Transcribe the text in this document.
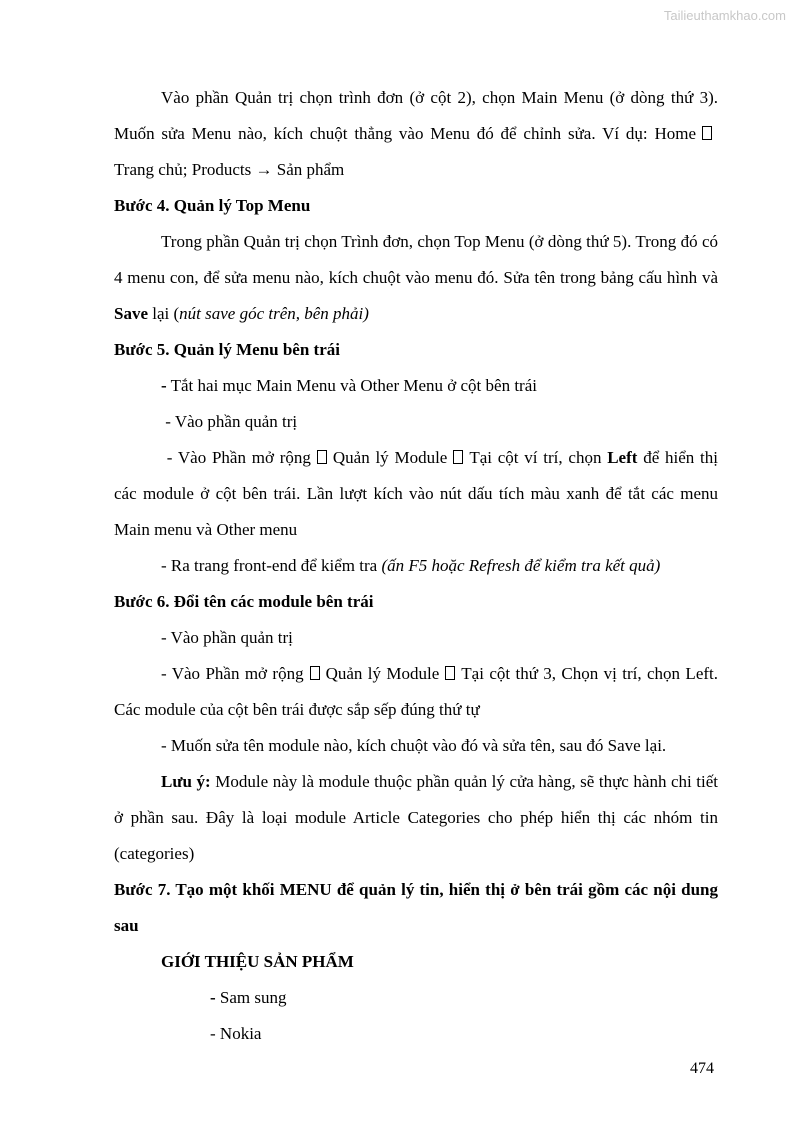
Tailieuthamkhao.com

Vào phần Quản trị chọn trình đơn (ở cột 2), chọn Main Menu (ở dòng thứ 3). Muốn sửa Menu nào, kích chuột thẳng vào Menu đó để chỉnh sửa. Ví dụ: HomeTrang chủ; Products → Sản phẩm

Bước 4. Quản lý Top Menu

Trong phần Quản trị chọn Trình đơn, chọn Top Menu (ở dòng thứ 5). Trong đó có 4 menu con, để sửa menu nào, kích chuột vào menu đó. Sửa tên trong bảng cấu hình và Save lại (nút save góc trên, bên phải)

Bước 5. Quản lý Menu bên trái

- Tắt hai mục Main Menu và Other Menu ở cột bên trái

- Vào phần quản trị

- Vào Phần mở rộng Quản lý Module Tại cột ví trí, chọn Left để hiển thị các module ở cột bên trái. Lần lượt kích vào nút dấu tích màu xanh để tắt các menu Main menu và Other menu

- Ra trang front-end để kiểm tra (ấn F5 hoặc Refresh để kiểm tra kết quả)

Bước 6. Đổi tên các module bên trái

- Vào phần quản trị

- Vào Phần mở rộng Quản lý Module Tại cột thứ 3, Chọn vị trí, chọn Left. Các module của cột bên trái được sắp sếp đúng thứ tự

- Muốn sửa tên module nào, kích chuột vào đó và sửa tên, sau đó Save lại.

Lưu ý: Module này là module thuộc phần quản lý cửa hàng, sẽ thực hành chi tiết ở phần sau. Đây là loại module Article Categories cho phép hiển thị các nhóm tin (categories)

Bước 7. Tạo một khối MENU để quản lý tin, hiển thị ở bên trái gồm các nội dung sau

GIỚI THIỆU SẢN PHẨM

- Sam sung

- Nokia

474
